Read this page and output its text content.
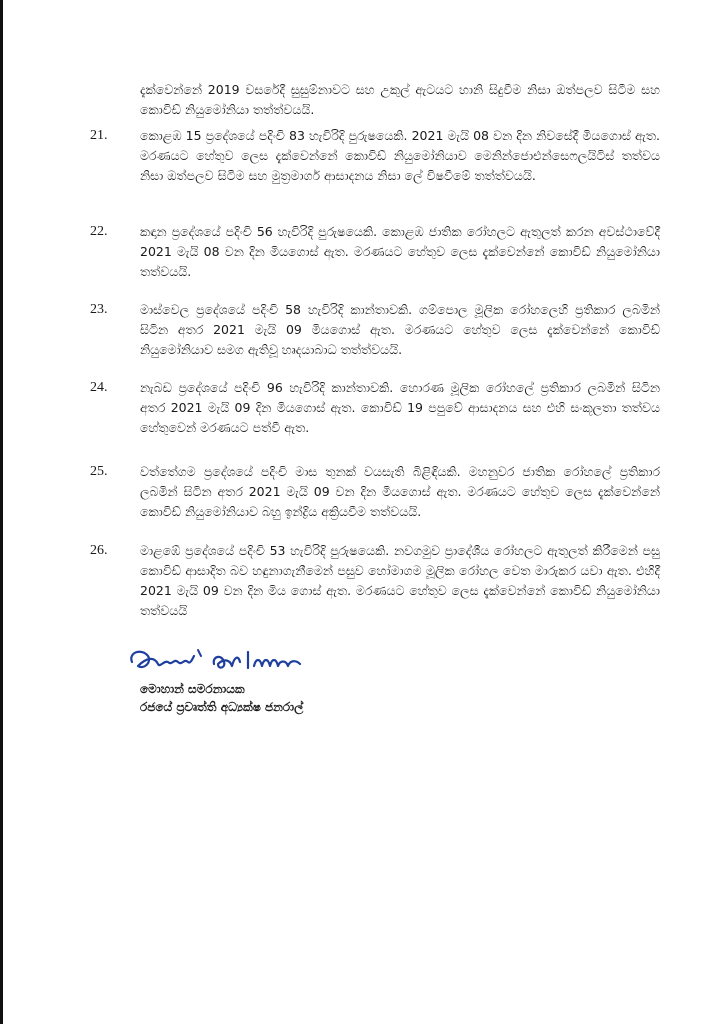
දැක්වෙන්නේ 2019 වසරේදී සුසුම්නාවට සහ උකුල් ඇටයට හානි සිදුවීම නිසා ඔත්පලව සිටීම සහ කොවිඩ් නියුමෝනියා තත්ත්වයයි.
21.	කොළඹ 15 ප්‍රදේශයේ පදිංචි 83 හැවිරිදි පුරුෂයෙකි. 2021 මැයි 08 වන දින නිවසේදී මියගොස් ඇත. මරණයට හේතුව ලෙස දැක්වෙන්නේ කොවිඩ් නියුමෝනියාව මෙනින්ජොඑන්සෙෆලයිටිස් තත්වය නිසා ඔත්පලව සිටීම සහ මුත්‍රමාර්ග ආසාදනය නිසා ලේ විෂවීමේ තත්ත්වයයි.
22.	කඳාන ප්‍රදේශයේ පදිංචි 56 හැවිරිදි පුරුෂයෙකි. කොළඹ ජාතික රෝහලට ඇතුලත් කරන අවස්ථාවේදී 2021 මැයි 08 වන දින මියගොස් ඇත. මරණයට හේතුව ලෙස දැක්වෙන්නේ කොවිඩ් නියුමෝනියා තත්වයයි.
23.	මාස්වෙල ප්‍රදේශයේ පදිංචි 58 හැවිරිදි කාන්තාවකි. ගම්පොල මූලික රෝහලෙහි ප්‍රතිකාර ලබමින් සිටින අතර 2021 මැයි 09 මියගොස් ඇත. මරණයට හේතුව ලෙස දැක්වෙන්නේ කොවිඩ් නියුමෝනියාව සමග ඇතිවූ හෘදයාබාධ තත්ත්වයයි.
24.	නැබඩ ප්‍රදේශයේ පදිංචි 96 හැවිරිදි කාන්තාවකි. හොරණ මූලික රෝහලේ ප්‍රතිකාර ලබමින් සිටින අතර 2021 මැයි 09 දින මියගොස් ඇත. කොවිඩ් 19 පපුවේ ආසාදනය සහ එහි සංකූලතා තත්වය හේතුවෙන් මරණයට පත්වී ඇත.
25.	වත්තේගම ප්‍රදේශයේ පදිංචි මාස තුනක් වයසැති බිළිඳියකි. මහනුවර ජාතික රෝහලේ ප්‍රතිකාර ලබමින් සිටින අතර 2021 මැයි 09 වන දින මියගොස් ඇත. මරණයට හේතුව ලෙස දැක්වෙන්නේ කොවිඩ් නියුමෝනියාව බහු ඉන්ද්‍රිය අක්‍රියවීම තත්වයයි.
26.	මාළඹේ ප්‍රදේශයේ පදිංචි 53 හැවිරිදි පුරුෂයෙකි. නවගමුව ප්‍රාදේශීය රෝහලට ඇතුලත් කිරීමෙන් පසු කොවිඩ් ආසාදිත බව හඳුනාගැනීමෙන් පසුව හෝමාගම මූලික රෝහල වෙත මාරුකර යවා ඇත. එහිදී 2021 මැයි 09 වන දින මිය ගොස් ඇත. මරණයට හේතුව ලෙස දැක්වෙන්නේ කොවිඩ් නියුමෝනියා තත්වයයි
මොහාන් සමරනායක
රජයේ ප්‍රවෘත්ති අධ්‍යක්ෂ ජනරාල්
